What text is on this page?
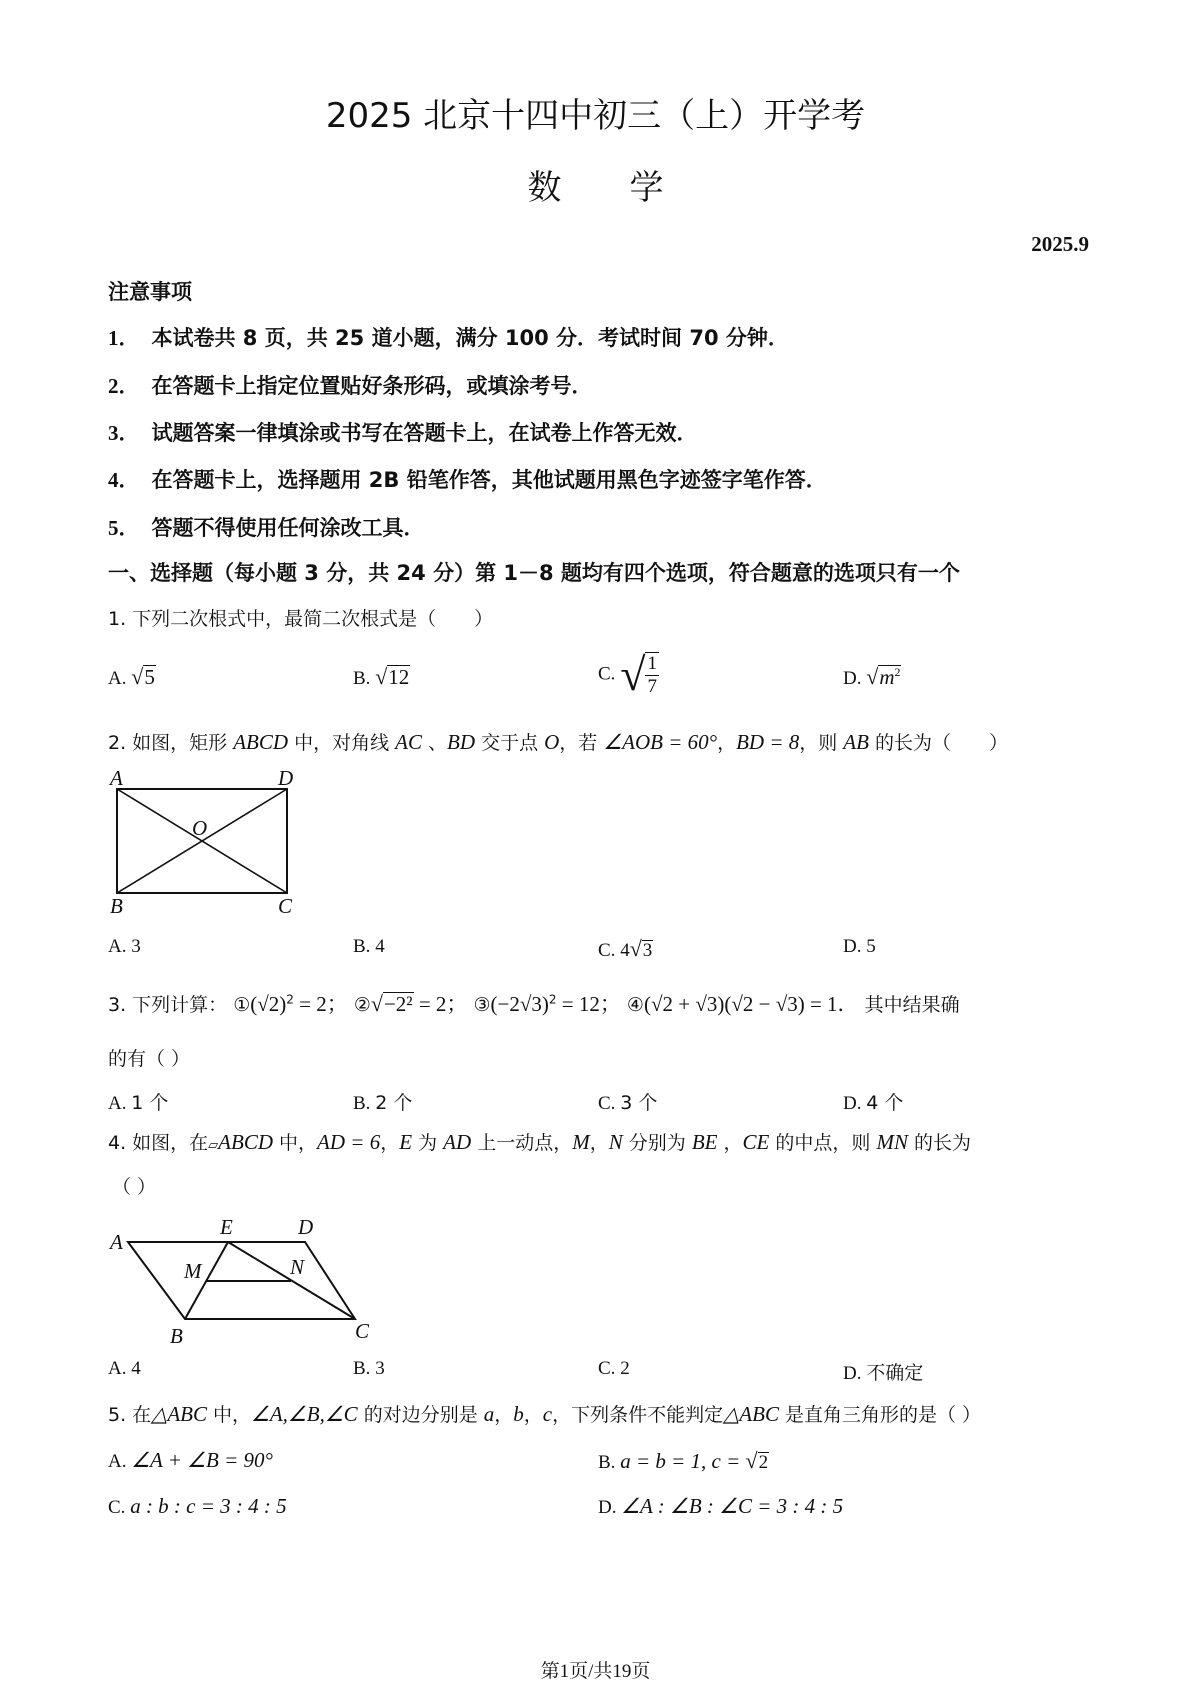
2025 北京十四中初三（上）开学考
数 学
2025.9
注意事项
1． 本试卷共 8 页，共 25 道小题，满分 100 分．考试时间 70 分钟．
2． 在答题卡上指定位置贴好条形码，或填涂考号．
3． 试题答案一律填涂或书写在答题卡上，在试卷上作答无效．
4． 在答题卡上，选择题用 2B 铅笔作答，其他试题用黑色字迹签字笔作答．
5． 答题不得使用任何涂改工具．
一、选择题（每小题 3 分，共 24 分）第 1－8 题均有四个选项，符合题意的选项只有一个
1. 下列二次根式中，最简二次根式是（　　）
A. √5	B. √12	C. √ $\frac{1}{7}$	D. $√m^2$
2. 如图，矩形 ABCD 中，对角线 AC 、BD 交于点 O，若 ∠AOB = 60°，BD = 8，则 AB 的长为（　　）
A	D
O
B	C
A. 3	B. 4	C. 4√3	D. 5
3. 下列计算： $①(√2)^2 = 2$； ②√−2² = 2； $③(-2√3)^2 = 12$； ④(√2 + √3)(√2 − √3) = 1． 其中结果确
的有（ ）
A. 1 个	B. 2 个	C. 3 个	D. 4 个
4. 如图，在▱ABCD 中，AD = 6，E 为 AD 上一动点，M，N 分别为 BE ，CE 的中点，则 MN 的长为
（ ）
A
E	D
M	N
B	C
A. 4	B. 3	C. 2	D. 不确定
5. 在△ABC 中，∠A,∠B,∠C 的对边分别是 a，b，c，下列条件不能判定△ABC 是直角三角形的是（ ）
A. ∠A + ∠B = 90°	B. a = b = 1, c = √2
C. a : b : c = 3 : 4 : 5	D. ∠A : ∠B : ∠C = 3 : 4 : 5
第1页/共19页
